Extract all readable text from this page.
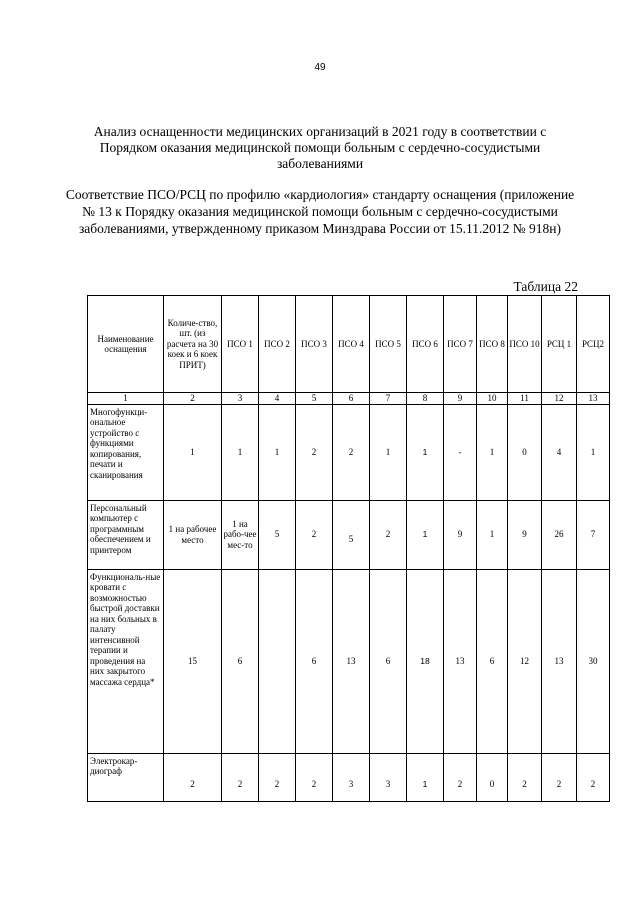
49
Анализ оснащенности медицинских организаций в 2021 году в соответствии с Порядком оказания медицинской помощи больным с сердечно-сосудистыми заболеваниями
Соответствие ПСО/РСЦ по профилю «кардиология» стандарту оснащения (приложение № 13 к Порядку оказания медицинской помощи больным с сердечно-сосудистыми заболеваниями, утвержденному приказом Минздрава России от 15.11.2012 № 918н)
Таблица 22
Наименование оснащения	Количе-ство, шт. (из расчета на 30 коек и 6 коек ПРИТ)	ПСО 1	ПСО 2	ПСО 3	ПСО 4	ПСО 5	ПСО 6	ПСО 7	ПСО 8	ПСО 10	РСЦ 1	РСЦ2
1	2	3	4	5	6	7	8	9	10	11	12	13
Многофункци-ональное устройство с функциями копирования, печати и сканирования	1	1	1	2	2	1	1	-	1	0	4	1
Персональный компьютер с программным обеспечением и принтером	1 на рабочее место	1 на рабо-чее мес-то	5	2	5	2	1	9	1	9	26	7
Функциональ-ные кровати с возможностью быстрой доставки на них больных в палату интенсивной терапии и проведения на них закрытого массажа сердца*	15	6		6	13	6	18	13	6	12	13	30
Электрокар-диограф	2	2	2	2	3	3	1	2	0	2	2	2
